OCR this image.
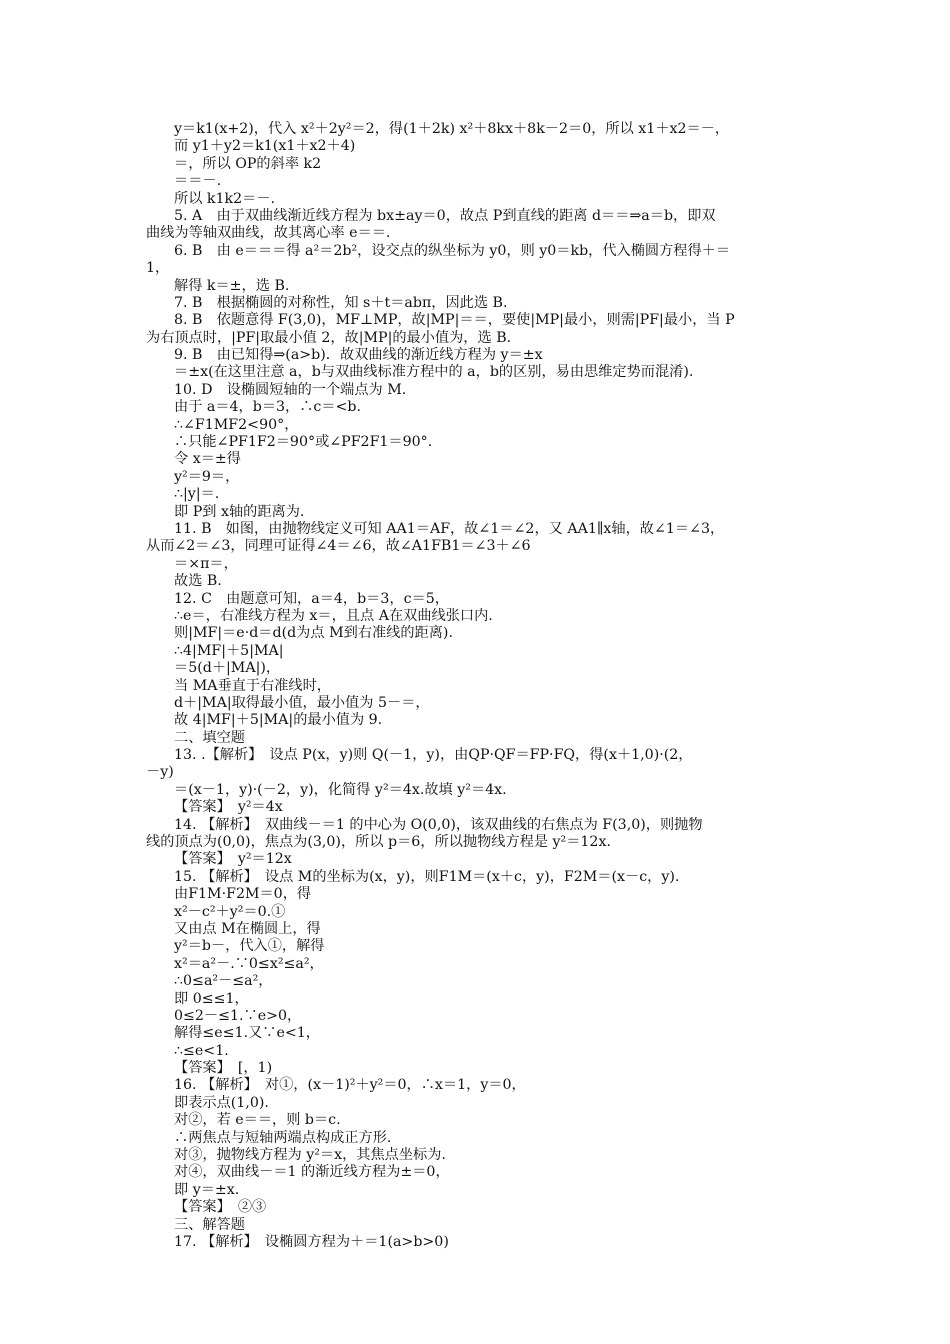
y＝k1(x+2)，代入 x²＋2y²＝2，得(1＋2k) x²＋8kx＋8k－2＝0，所以 x1＋x2＝－，
而 y1＋y2＝k1(x1＋x2＋4)
＝，所以 OP的斜率 k2
＝＝－.
所以 k1k2＝－.
5. A　由于双曲线渐近线方程为 bx±ay＝0，故点 P到直线的距离 d＝＝⇒a＝b，即双
曲线为等轴双曲线，故其离心率 e＝＝.
6. B　由 e＝＝＝得 a²＝2b²，设交点的纵坐标为 y0，则 y0＝kb，代入椭圆方程得＋＝
1，
解得 k＝±，选 B.
7. B　根据椭圆的对称性，知 s＋t＝abπ，因此选 B.
8. B　依题意得 F(3,0)，MF⊥MP，故|MP|＝＝，要使|MP|最小，则需|PF|最小，当 P
为右顶点时，|PF|取最小值 2，故|MP|的最小值为，选 B.
9. B　由已知得⇒(a>b)．故双曲线的渐近线方程为 y＝±x
＝±x(在这里注意 a，b与双曲线标准方程中的 a，b的区别，易由思维定势而混淆).
10. D　设椭圆短轴的一个端点为 M.
由于 a＝4，b＝3，∴c＝<b.
∴∠F1MF2<90°，
∴只能∠PF1F2＝90°或∠PF2F1＝90°．
令 x＝±得
y²＝9＝，
∴|y|＝.
即 P到 x轴的距离为.
11. B　如图，由抛物线定义可知 AA1＝AF，故∠1＝∠2，又 AA1∥x轴，故∠1＝∠3，
从而∠2＝∠3，同理可证得∠4＝∠6，故∠A1FB1＝∠3＋∠6
＝×π＝，
故选 B.
12. C　由题意可知，a＝4，b＝3，c＝5，
∴e＝，右准线方程为 x＝，且点 A在双曲线张口内.
则|MF|＝e·d＝d(d为点 M到右准线的距离).
∴4|MF|＋5|MA|
＝5(d＋|MA|)，
当 MA垂直于右准线时，
d＋|MA|取得最小值，最小值为 5－＝，
故 4|MF|＋5|MA|的最小值为 9.
二、填空题
13. .【解析】　设点 P(x，y)则 Q(－1，y)，由QP·QF＝FP·FQ，得(x＋1,0)·(2，
－y)
＝(x－1，y)·(－2，y)，化简得 y²＝4x.故填 y²＝4x.
【答案】　y²＝4x
14. 【解析】　双曲线－＝1 的中心为 O(0,0)，该双曲线的右焦点为 F(3,0)，则抛物
线的顶点为(0,0)，焦点为(3,0)，所以 p＝6，所以抛物线方程是 y²＝12x.
【答案】　y²＝12x
15. 【解析】　设点 M的坐标为(x，y)，则F1M＝(x＋c，y)，F2M＝(x－c，y).
由F1M·F2M＝0，得
x²－c²＋y²＝0.①
又由点 M在椭圆上，得
y²＝b－，代入①，解得
x²＝a²－.∵0≤x²≤a²，
∴0≤a²－≤a²，
即 0≤≤1，
0≤2－≤1.∵e>0，
解得≤e≤1.又∵e<1，
∴≤e<1.
【答案】　[，1)
16. 【解析】　对①，(x－1)²＋y²＝0，∴x＝1，y＝0，
即表示点(1,0).
对②，若 e＝＝，则 b＝c.
∴两焦点与短轴两端点构成正方形.
对③，抛物线方程为 y²＝x，其焦点坐标为.
对④，双曲线－＝1 的渐近线方程为±＝0，
即 y＝±x.
【答案】　②③
三、解答题
17. 【解析】　设椭圆方程为＋＝1(a>b>0)
